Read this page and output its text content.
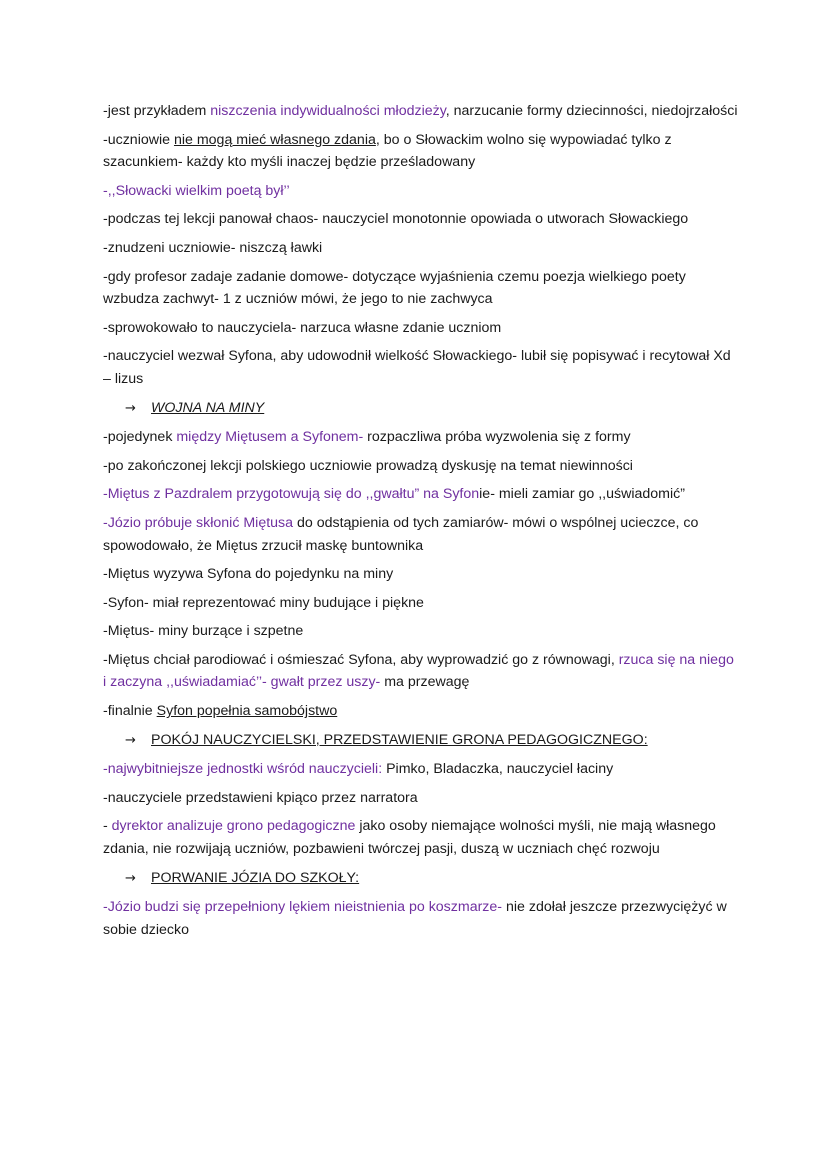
-jest przykładem niszczenia indywidualności młodzieży, narzucanie formy dziecinności, niedojrzałości
-uczniowie nie mogą mieć własnego zdania, bo o Słowackim wolno się wypowiadać tylko z szacunkiem- każdy kto myśli inaczej będzie prześladowany
-,,Słowacki wielkim poetą był’’
-podczas tej lekcji panował chaos- nauczyciel monotonnie opowiada o utworach Słowackiego
-znudzeni uczniowie- niszczą ławki
-gdy profesor zadaje zadanie domowe- dotyczące wyjaśnienia czemu poezja wielkiego poety wzbudza zachwyt- 1 z uczniów mówi, że jego to nie zachwyca
-sprowokowało to nauczyciela- narzuca własne zdanie uczniom
-nauczyciel wezwał Syfona, aby udowodnił wielkość Słowackiego- lubił się popisywać i recytował Xd – lizus
→ WOJNA NA MINY
-pojedynek między Miętusem a Syfonem- rozpaczliwa próba wyzwolenia się z formy
-po zakończonej lekcji polskiego uczniowie prowadzą dyskusję na temat niewinności
-Miętus z Pazdralem przygotowują się do ,,gwałtu” na Syfonie- mieli zamiar go ,,uświadomić”
-Józio próbuje skłonić Miętusa do odstąpienia od tych zamiarów- mówi o wspólnej ucieczce, co spowodowało, że Miętus zrzucił maskę buntownika
-Miętus wyzywa Syfona do pojedynku na miny
-Syfon- miał reprezentować miny budujące i piękne
-Miętus- miny burzące i szpetne
-Miętus chciał parodiować i ośmieszać Syfona, aby wyprowadzić go z równowagi, rzuca się na niego i zaczyna ,,uświadamiać’’- gwałt przez uszy- ma przewagę
-finalnie Syfon popełnia samobójstwo
→ POKÓJ NAUCZYCIELSKI, PRZEDSTAWIENIE GRONA PEDAGOGICZNEGO:
-najwybitniejsze jednostki wśród nauczycieli: Pimko, Bladaczka, nauczyciel łaciny
-nauczyciele przedstawieni kpiąco przez narratora
- dyrektor analizuje grono pedagogiczne jako osoby niemające wolności myśli, nie mają własnego zdania, nie rozwijają uczniów, pozbawieni twórczej pasji, duszą w uczniach chęć rozwoju
→ PORWANIE JÓZIA DO SZKOŁY:
-Józio budzi się przepełniony lękiem nieistnienia po koszmarze- nie zdołał jeszcze przezwyciężyć w sobie dziecko
